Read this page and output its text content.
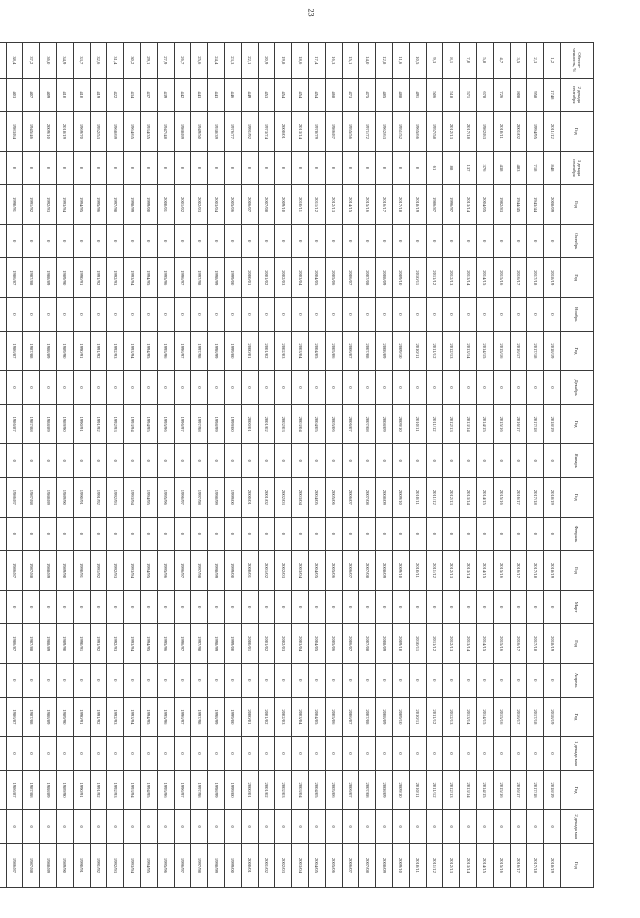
23
Обеспе-ченность, %	2 декада сентября	Год	3 декада сентября	Год	Октябрь	Год	Ноябрь	Год	Декабрь	Год	Январь	Год	Февраль	Год	Март	Год	Апрель	Год	1 декада мая	Год	2 декада мая	Год
1,2	1748	2011/12	848	2008/09	0	2018/19	0	2018/19	0	2018/19	0	2018/19	0	2018/19	0	2018/19	0	2018/19	0	2018/19	0	2018/19
2,3	958	1994/95	718	1943/44	0	2017/18	0	2017/18	0	2017/18	0	2017/18	0	2017/18	0	2017/18	0	2017/18	0	2017/18	0	2017/18
3,5	808	2001/02	483	1944/45	0	2016/17	0	2016/17	0	2016/17	0	2016/17	0	2016/17	0	2016/17	0	2016/17	0	2016/17	0	2016/17
4,7	726	2010/11	438	1982/83	0	2015/16	0	2015/16	0	2015/16	0	2015/16	0	2015/16	0	2015/16	0	2015/16	0	2015/16	0	2015/16
5,8	678	1982/83	376	2004/05	0	2014/15	0	2014/15	0	2014/15	0	2014/15	0	2014/15	0	2014/15	0	2014/15	0	2014/15	0	2014/15
7,0	571	2017/18	137	2013/14	0	2013/14	0	2013/14	0	2013/14	0	2013/14	0	2013/14	0	2013/14	0	2013/14	0	2013/14	0	2013/14
8,1	518	2012/13	88	1996/97	0	2012/13	0	2012/13	0	2012/13	0	2012/13	0	2012/13	0	2012/13	0	2012/13	0	2012/13	0	2012/13
9,3	506	1957/58	61	1986/87	0	2011/12	0	2011/12	0	2011/12	0	2011/12	0	2011/12	0	2011/12	0	2011/12	0	2011/12	0	2011/12
10,5	491	1965/66	0	2018/19	0	2010/11	0	2010/11	0	2010/11	0	2010/11	0	2010/11	0	2010/11	0	2010/11	0	2010/11	0	2010/11
11,6	488	1951/52	0	2017/18	0	2009/10	0	2009/10	0	2009/10	0	2009/10	0	2009/10	0	2009/10	0	2009/10	0	2009/10	0	2009/10
12,8	485	1962/63	0	2016/17	0	2008/09	0	2008/09	0	2008/09	0	2008/09	0	2008/09	0	2008/09	0	2008/09	0	2008/09	0	2008/09
14,0	475	1971/72	0	2015/16	0	2007/08	0	2007/08	0	2007/08	0	2007/08	0	2007/08	0	2007/08	0	2007/08	0	2007/08	0	2007/08
15,1	473	1955/56	0	2014/15	0	2006/07	0	2006/07	0	2006/07	0	2006/07	0	2006/07	0	2006/07	0	2006/07	0	2006/07	0	2006/07
16,3	468	1986/87	0	2012/13	0	2005/06	0	2005/06	0	2005/06	0	2005/06	0	2005/06	0	2005/06	0	2005/06	0	2005/06	0	2005/06
17,4	454	1978/79	0	2011/12	0	2004/05	0	2004/05	0	2004/05	0	2004/05	0	2004/05	0	2004/05	0	2004/05	0	2004/05	0	2004/05
18,6	454	2013/14	0	2010/11	0	2003/04	0	2003/04	0	2003/04	0	2003/04	0	2003/04	0	2003/04	0	2003/04	0	2003/04	0	2003/04
19,8	454	2000/01	0	2009/10	0	2002/03	0	2002/03	0	2002/03	0	2002/03	0	2002/03	0	2002/03	0	2002/03	0	2002/03	0	2002/03
20,9	453	1973/74	0	2007/08	0	2001/02	0	2001/02	0	2001/02	0	2001/02	0	2001/02	0	2001/02	0	2001/02	0	2001/02	0	2001/02
22,1	449	1991/92	0	2006/07	0	2000/01	0	2000/01	0	2000/01	0	2000/01	0	2000/01	0	2000/01	0	2000/01	0	2000/01	0	2000/01
23,3	446	1976/77	0	2005/06	0	1999/00	0	1999/00	0	1999/00	0	1999/00	0	1999/00	0	1999/00	0	1999/00	0	1999/00	0	1999/00
24,4	443	1938/39	0	2003/04	0	1998/99	0	1998/99	0	1998/99	0	1998/99	0	1998/99	0	1998/99	0	1998/99	0	1998/99	0	1998/99
25,6	443	1949/50	0	2002/03	0	1997/98	0	1997/98	0	1997/98	0	1997/98	0	1997/98	0	1997/98	0	1997/98	0	1997/98	0	1997/98
26,7	442	1988/89	0	2001/02	0	1996/97	0	1996/97	0	1996/97	0	1996/97	0	1996/97	0	1996/97	0	1996/97	0	1996/97	0	1996/97
27,9	439	1947/48	0	2000/01	0	1995/96	0	1995/96	0	1995/96	0	1995/96	0	1995/96	0	1995/96	0	1995/96	0	1995/96	0	1995/96
29,1	437	1934/35	0	1999/00	0	1994/95	0	1994/95	0	1994/95	0	1994/95	0	1994/95	0	1994/95	0	1994/95	0	1994/95	0	1994/95
30,2	434	1964/65	0	1998/99	0	1993/94	0	1993/94	0	1993/94	0	1993/94	0	1993/94	0	1993/94	0	1993/94	0	1993/94	0	1993/94
31,4	422	1968/69	0	1997/98	0	1992/93	0	1992/93	0	1992/93	0	1992/93	0	1992/93	0	1992/93	0	1992/93	0	1992/93	0	1992/93
32,6	419	1952/53	0	1995/96	0	1991/92	0	1991/92	0	1991/92	0	1991/92	0	1991/92	0	1991/92	0	1991/92	0	1991/92	0	1991/92
33,7	410	1969/70	0	1994/95	0	1990/91	0	1990/91	0	1990/91	0	1990/91	0	1990/91	0	1990/91	0	1990/91	0	1990/91	0	1990/91
34,9	410	2018/19	0	1993/94	0	1989/90	0	1989/90	0	1989/90	0	1989/90	0	1989/90	0	1989/90	0	1989/90	0	1989/90	0	1989/90
36,0	409	2009/10	0	1992/93	0	1988/89	0	1988/89	0	1988/89	0	1988/89	0	1988/89	0	1988/89	0	1988/89	0	1988/89	0	1988/89
37,2	407	1945/46	0	1991/92	0	1987/88	0	1987/88	0	1987/88	0	1987/88	0	1987/88	0	1987/88	0	1987/88	0	1987/88	0	1987/88
38,4	403	1983/84	0	1990/91	0	1986/87	0	1986/87	0	1986/87	0	1986/87	0	1986/87	0	1986/87	0	1986/87	0	1986/87	0	1986/87
